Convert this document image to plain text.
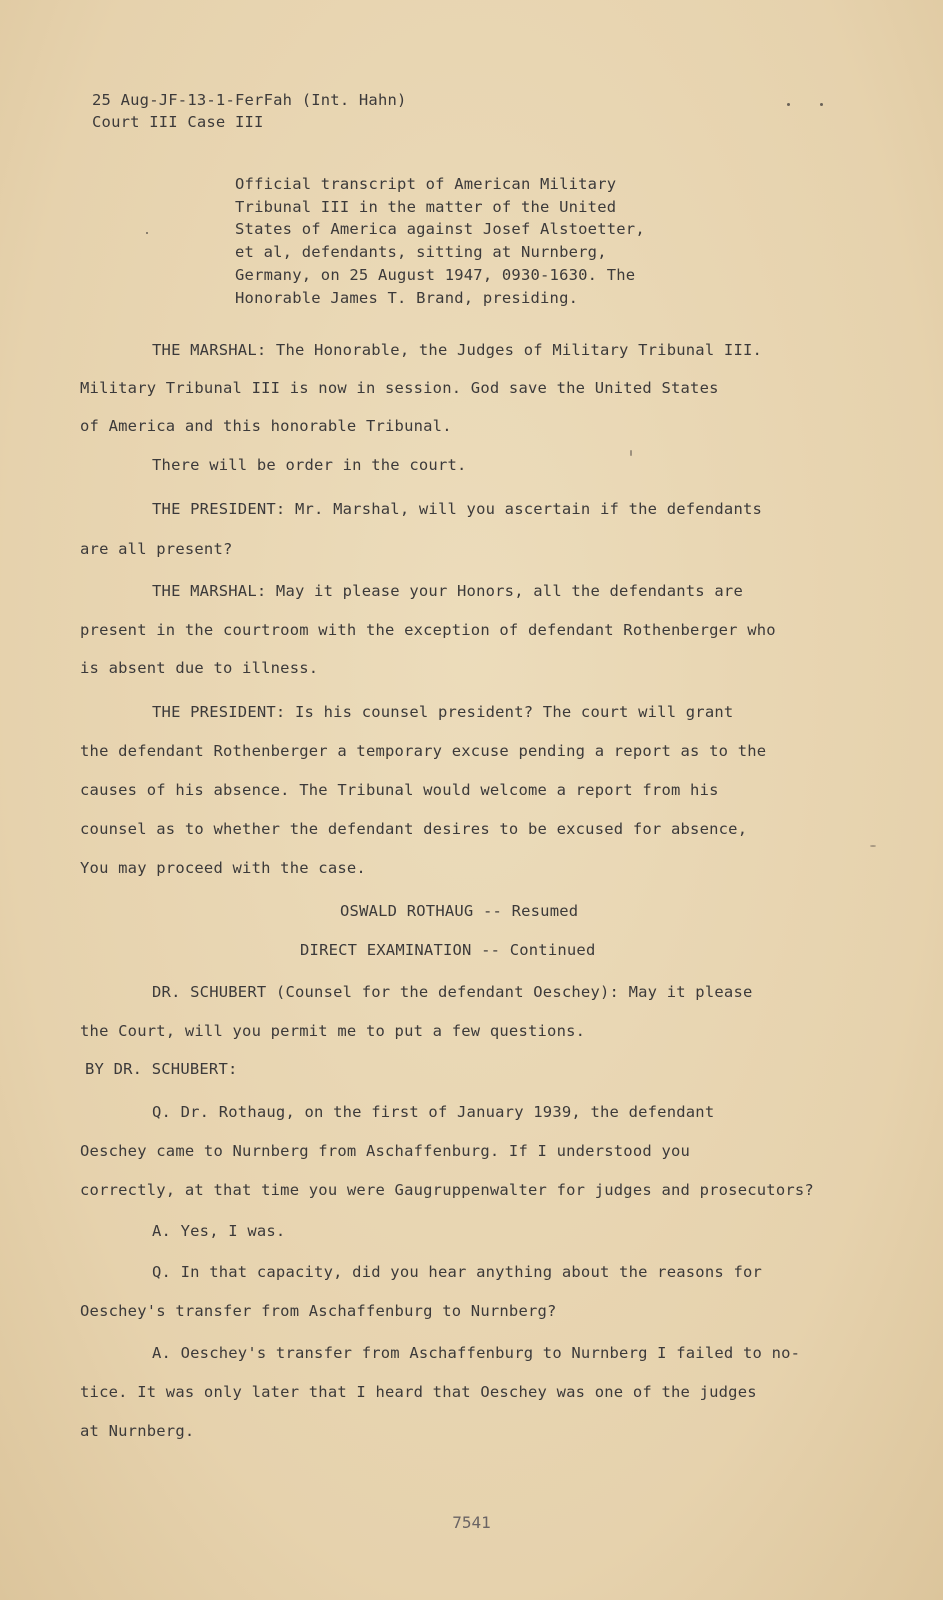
25 Aug-JF-13-1-FerFah (Int. Hahn)
Court III Case III
Official transcript of American Military
Tribunal III in the matter of the United
States of America against Josef Alstoetter,
et al, defendants, sitting at Nurnberg,
Germany, on 25 August 1947, 0930-1630. The
Honorable James T. Brand, presiding.
THE MARSHAL: The Honorable, the Judges of Military Tribunal III.
Military Tribunal III is now in session. God save the United States
of America and this honorable Tribunal.
There will be order in the court.
THE PRESIDENT: Mr. Marshal, will you ascertain if the defendants
are all present?
THE MARSHAL: May it please your Honors, all the defendants are
present in the courtroom with the exception of defendant Rothenberger who
is absent due to illness.
THE PRESIDENT: Is his counsel president? The court will grant
the defendant Rothenberger a temporary excuse pending a report as to the
causes of his absence. The Tribunal would welcome a report from his
counsel as to whether the defendant desires to be excused for absence,
You may proceed with the case.
OSWALD ROTHAUG -- Resumed
DIRECT EXAMINATION -- Continued
DR. SCHUBERT (Counsel for the defendant Oeschey): May it please
the Court, will you permit me to put a few questions.
BY DR. SCHUBERT:
Q. Dr. Rothaug, on the first of January 1939, the defendant
Oeschey came to Nurnberg from Aschaffenburg. If I understood you
correctly, at that time you were Gaugruppenwalter for judges and prosecutors?
A. Yes, I was.
Q. In that capacity, did you hear anything about the reasons for
Oeschey's transfer from Aschaffenburg to Nurnberg?
A. Oeschey's transfer from Aschaffenburg to Nurnberg I failed to no-
tice. It was only later that I heard that Oeschey was one of the judges
at Nurnberg.
7541
